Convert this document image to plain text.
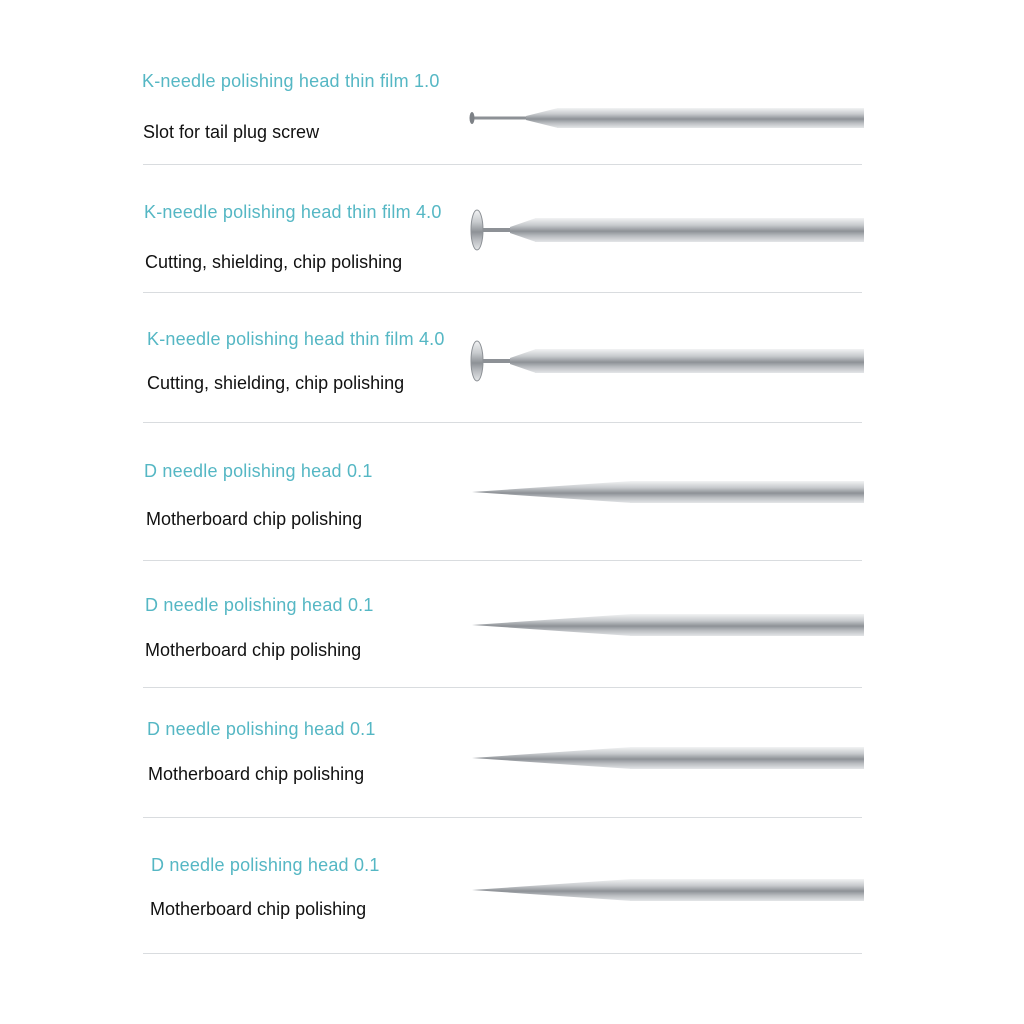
K-needle polishing head thin film 1.0
Slot for tail plug screw
K-needle polishing head thin film 4.0
Cutting, shielding, chip polishing
K-needle polishing head thin film 4.0
Cutting, shielding, chip polishing
D needle polishing head 0.1
Motherboard chip polishing
D needle polishing head 0.1
Motherboard chip polishing
D needle polishing head 0.1
Motherboard chip polishing
D needle polishing head 0.1
Motherboard chip polishing
